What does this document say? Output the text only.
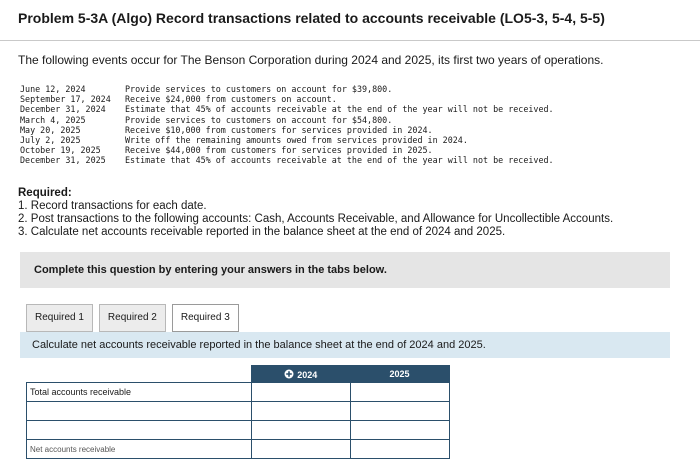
Problem 5-3A (Algo) Record transactions related to accounts receivable (LO5-3, 5-4, 5-5)
The following events occur for The Benson Corporation during 2024 and 2025, its first two years of operations.
June 12, 2024	Provide services to customers on account for $39,800.
September 17, 2024	Receive $24,000 from customers on account.
December 31, 2024	Estimate that 45% of accounts receivable at the end of the year will not be received.
March 4, 2025	Provide services to customers on account for $54,800.
May 20, 2025	Receive $10,000 from customers for services provided in 2024.
July 2, 2025	Write off the remaining amounts owed from services provided in 2024.
October 19, 2025	Receive $44,000 from customers for services provided in 2025.
December 31, 2025	Estimate that 45% of accounts receivable at the end of the year will not be received.
Required:
1. Record transactions for each date.
2. Post transactions to the following accounts: Cash, Accounts Receivable, and Allowance for Uncollectible Accounts.
3. Calculate net accounts receivable reported in the balance sheet at the end of 2024 and 2025.
Complete this question by entering your answers in the tabs below.
Required 1	Required 2	Required 3
Calculate net accounts receivable reported in the balance sheet at the end of 2024 and 2025.
	2024	2025
Total accounts receivable		

Net accounts receivable		
